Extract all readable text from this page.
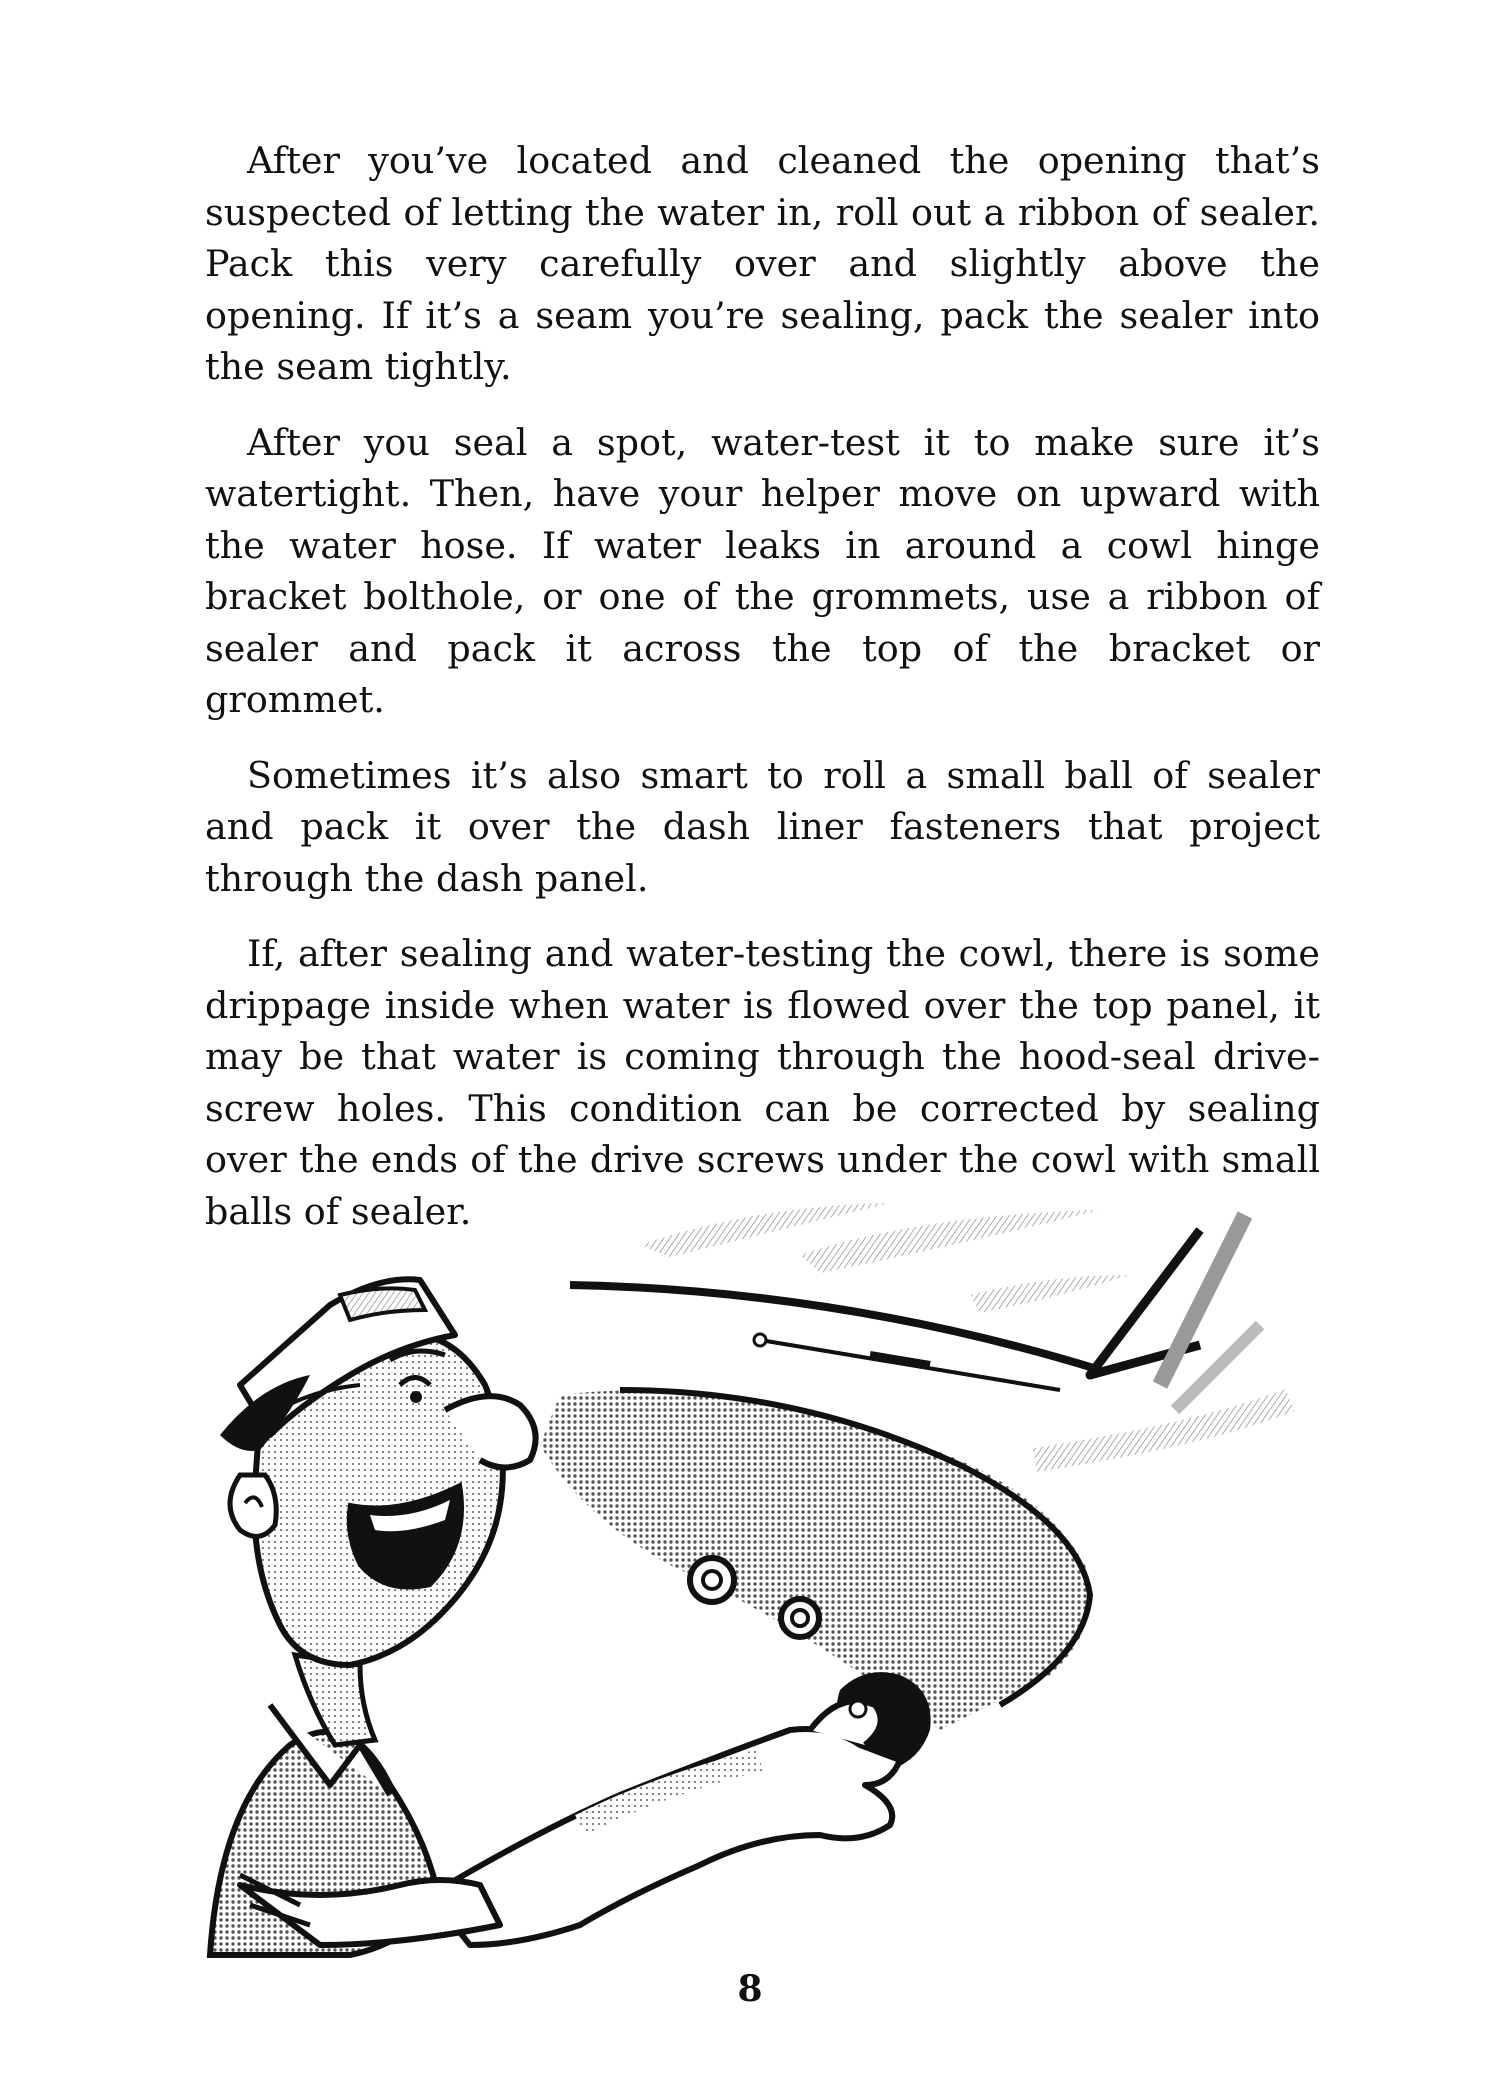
After you’ve located and cleaned the opening that’s suspected of letting the water in, roll out a ribbon of sealer. Pack this very carefully over and slightly above the opening. If it’s a seam you’re sealing, pack the sealer into the seam tightly.

After you seal a spot, water-test it to make sure it’s watertight. Then, have your helper move on upward with the water hose. If water leaks in around a cowl hinge bracket bolthole, or one of the grommets, use a ribbon of sealer and pack it across the top of the bracket or grommet.

Sometimes it’s also smart to roll a small ball of sealer and pack it over the dash liner fasteners that project through the dash panel.

If, after sealing and water-testing the cowl, there is some drippage inside when water is flowed over the top panel, it may be that water is coming through the hood-seal drive-screw holes. This condition can be corrected by sealing over the ends of the drive screws under the cowl with small balls of sealer.

8
